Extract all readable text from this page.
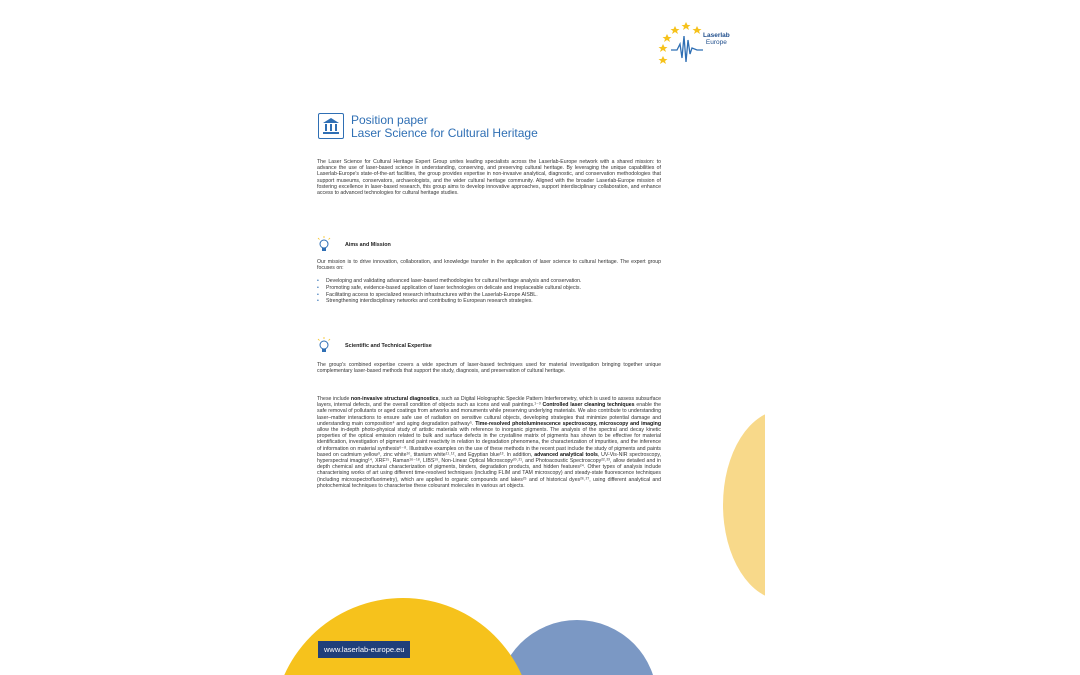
Laserlab
Europe
Position paper
Laser Science for Cultural Heritage
The Laser Science for Cultural Heritage Expert Group unites leading specialists across the Laserlab-Europe network with a shared mission: to advance the use of laser-based science in understanding, conserving, and preserving cultural heritage. By leveraging the unique capabilities of Laserlab-Europe's state-of-the-art facilities, the group provides expertise in non-invasive analytical, diagnostic, and conservation methodologies that support museums, conservators, archaeologists, and the wider cultural heritage community. Aligned with the broader Laserlab-Europe mission of fostering excellence in laser-based research, this group aims to develop innovative approaches, support interdisciplinary collaboration, and enhance access to advanced technologies for cultural heritage studies.
Aims and Mission
Our mission is to drive innovation, collaboration, and knowledge transfer in the application of laser science to cultural heritage. The expert group focuses on:
• Developing and validating advanced laser-based methodologies for cultural heritage analysis and conservation.
• Promoting safe, evidence-based application of laser technologies on delicate and irreplaceable cultural objects.
• Facilitating access to specialized research infrastructures within the Laserlab-Europe AISBL.
• Strengthening interdisciplinary networks and contributing to European research strategies.
Scientific and Technical Expertise
The group's combined expertise covers a wide spectrum of laser-based techniques used for material investigation bringing together unique complementary laser-based methods that support the study, diagnosis, and preservation of cultural heritage.
These include non-invasive structural diagnostics, such as Digital Holographic Speckle Pattern Interferometry, which is used to assess subsurface layers, internal defects, and the overall condition of objects such as icons and wall paintings.¹⁻³ Controlled laser cleaning techniques enable the safe removal of pollutants or aged coatings from artworks and monuments while preserving underlying materials. We also contribute to understanding laser–matter interactions to ensure safe use of radiation on sensitive cultural objects, developing strategies that minimize potential damage and understanding main composition⁴ and aging degradation pathway⁵. Time-resolved photoluminescence spectroscopy, microscopy and imaging allow the in-depth photo-physical study of artistic materials with reference to inorganic pigments. The analysis of the spectral and decay kinetic properties of the optical emission related to bulk and surface defects in the crystalline matrix of pigments has shown to be effective for material identification, investigation of pigment and paint reactivity in relation to degradation phenomena, the characterization of impurities, and the inference of information on material synthesis⁶⁻⁸. Illustrative examples on the use of these methods in the recent past include the study of pigments and paints based on cadmium yellow⁹, zinc white¹⁰, titanium white¹¹˒¹², and Egyptian blue¹³. In addition, advanced analytical tools, UV-Vis-NIR spectroscopy, hyperspectral imaging¹⁴, XRF¹⁵, Raman¹⁶⁻¹⁸, LIBS¹⁹, Non-Linear Optical Microscopy²⁰˒²¹, and Photoacoustic Spectroscopy²²˒²³, allow detailed and in depth chemical and structural characterization of pigments, binders, degradation products, and hidden features²⁴. Other types of analysis include characterising works of art using different time-resolved techniques (including FLIM and TAM microscopy) and steady-state fluorescence techniques (including microspectrofluorimetry), which are applied to organic compounds and lakes²⁵ and of historical dyes²⁶˒²⁷, using different analytical and photochemical techniques to characterise these colourant molecules in various art objects.
www.laserlab-europe.eu
